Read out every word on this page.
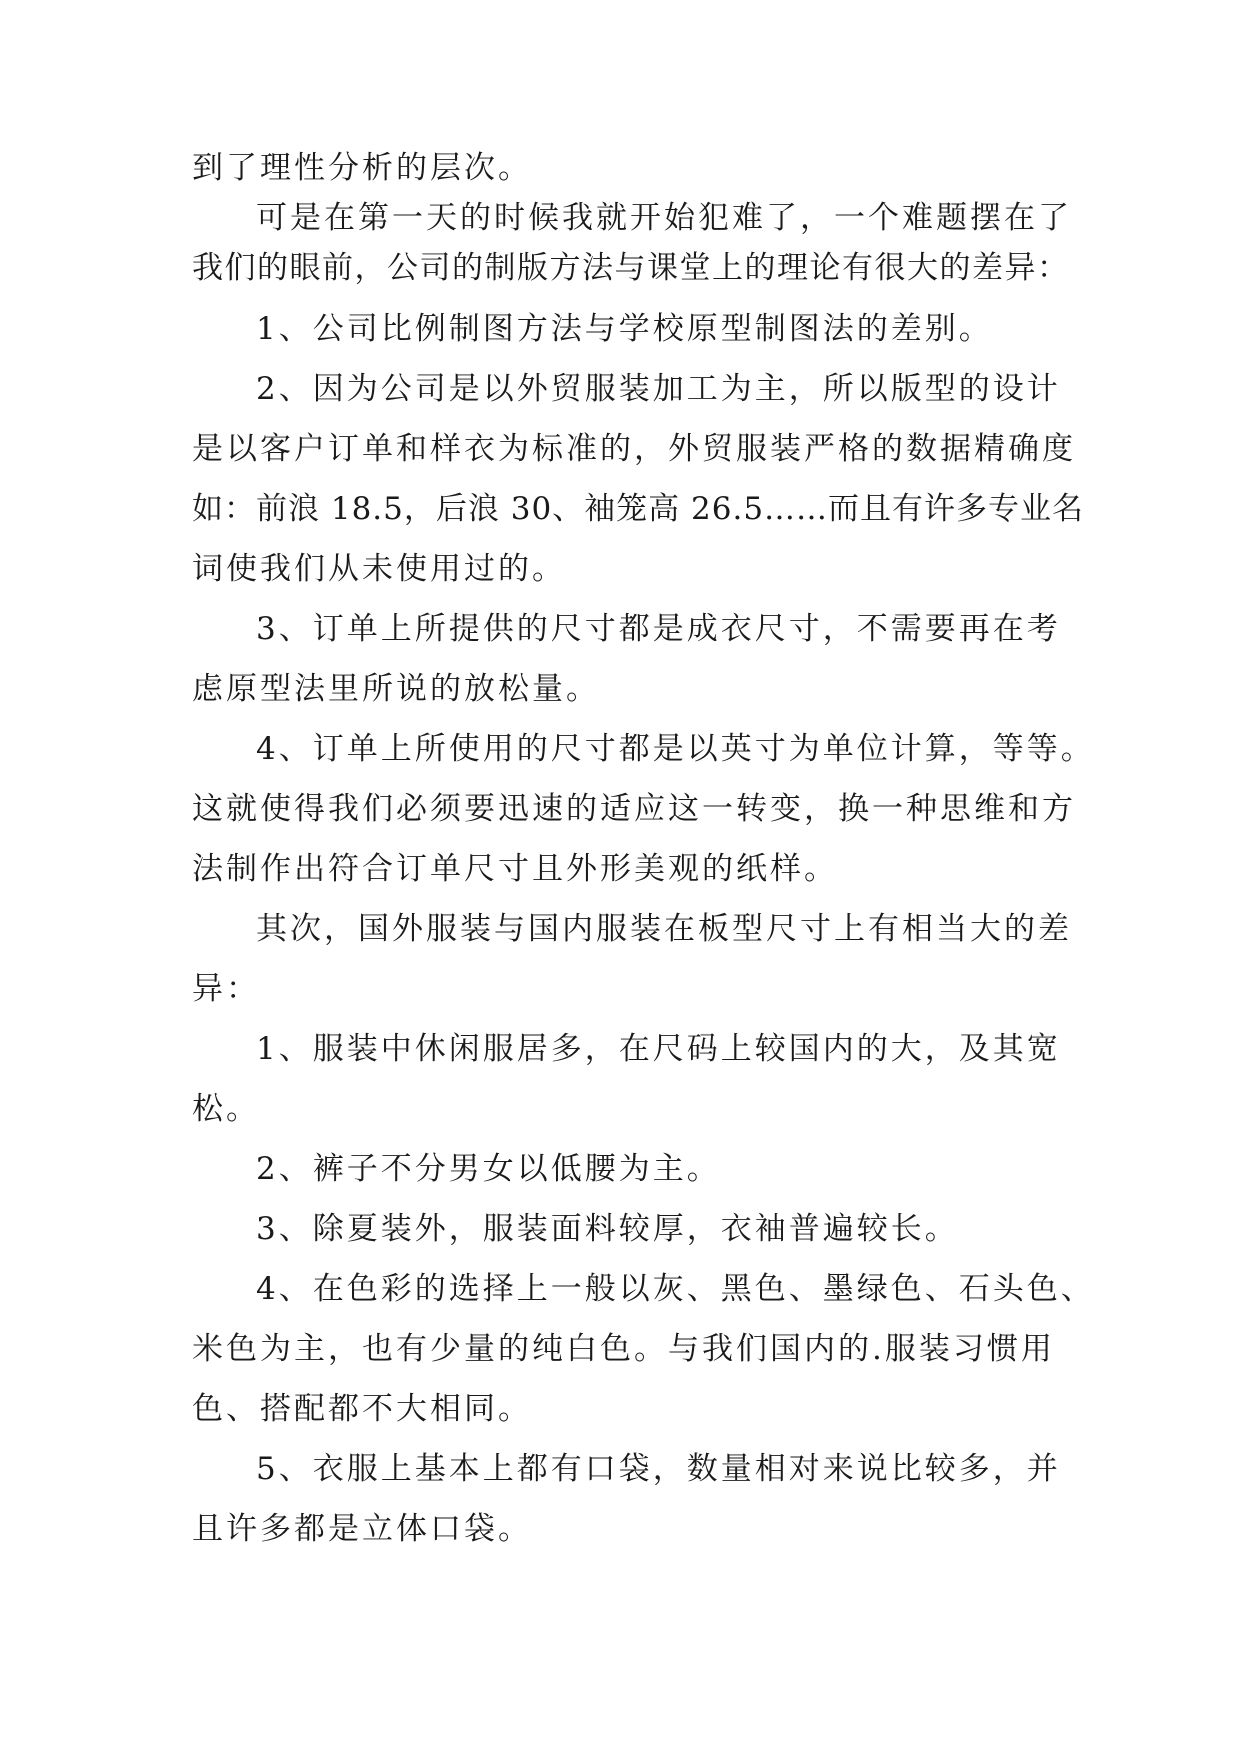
到了理性分析的层次。
可是在第一天的时候我就开始犯难了，一个难题摆在了
我们的眼前，公司的制版方法与课堂上的理论有很大的差异：
1、公司比例制图方法与学校原型制图法的差别。
2、因为公司是以外贸服装加工为主，所以版型的设计
是以客户订单和样衣为标准的，外贸服装严格的数据精确度
如：前浪 18.5，后浪 30、袖笼高 26.5……而且有许多专业名
词使我们从未使用过的。
3、订单上所提供的尺寸都是成衣尺寸，不需要再在考
虑原型法里所说的放松量。
4、订单上所使用的尺寸都是以英寸为单位计算，等等。
这就使得我们必须要迅速的适应这一转变，换一种思维和方
法制作出符合订单尺寸且外形美观的纸样。
其次，国外服装与国内服装在板型尺寸上有相当大的差
异：
1、服装中休闲服居多，在尺码上较国内的大，及其宽
松。
2、裤子不分男女以低腰为主。
3、除夏装外，服装面料较厚，衣袖普遍较长。
4、在色彩的选择上一般以灰、黑色、墨绿色、石头色、
米色为主，也有少量的纯白色。与我们国内的.服装习惯用
色、搭配都不大相同。
5、衣服上基本上都有口袋，数量相对来说比较多，并
且许多都是立体口袋。
